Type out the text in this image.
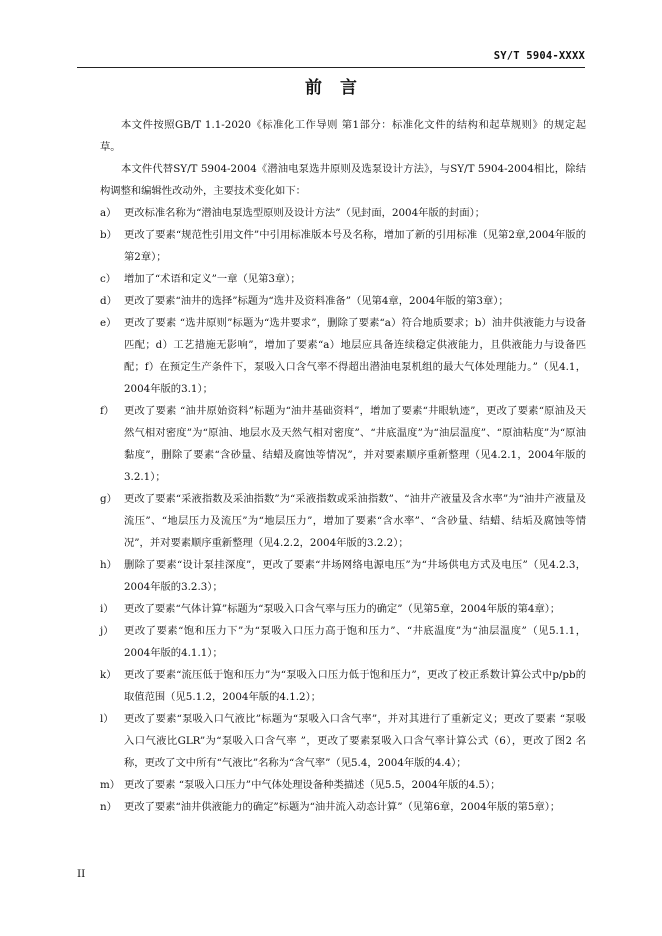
SY/T 5904-XXXX
前言

本文件按照GB/T 1.1-2020《标准化工作导则 第1部分：标准化文件的结构和起草规则》的规定起草。

本文件代替SY/T 5904-2004《潜油电泵选井原则及选泵设计方法》，与SY/T 5904-2004相比，除结构调整和编辑性改动外，主要技术变化如下：

a） 更改标准名称为“潜油电泵选型原则及设计方法”（见封面，2004年版的封面）；
b） 更改了要素“规范性引用文件”中引用标准版本号及名称，增加了新的引用标准（见第2章,2004年版的第2章）；
c） 增加了“术语和定义”一章（见第3章）；
d） 更改了要素“油井的选择”标题为“选井及资料准备”（见第4章，2004年版的第3章）；
e） 更改了要素 “选井原则”标题为“选井要求”，删除了要素“a）符合地质要求；b）油井供液能力与设备匹配；d）工艺措施无影响”，增加了要素“a）地层应具备连续稳定供液能力，且供液能力与设备匹配；f）在预定生产条件下，泵吸入口含气率不得超出潜油电泵机组的最大气体处理能力。”（见4.1，2004年版的3.1）；
f） 更改了要素 “油井原始资料”标题为“油井基础资料”，增加了要素“井眼轨迹”，更改了要素“原油及天然气相对密度”为“原油、地层水及天然气相对密度”、“井底温度”为“油层温度”、“原油粘度”为“原油黏度”，删除了要素“含砂量、结蜡及腐蚀等情况”，并对要素顺序重新整理（见4.2.1，2004年版的3.2.1）；
g） 更改了要素“采液指数及采油指数”为“采液指数或采油指数”、“油井产液量及含水率”为“油井产液量及流压”、“地层压力及流压”为“地层压力”，增加了要素“含水率”、“含砂量、结蜡、结垢及腐蚀等情况”，并对要素顺序重新整理（见4.2.2，2004年版的3.2.2）；
h） 删除了要素“设计泵挂深度”，更改了要素“井场网络电源电压”为“井场供电方式及电压”（见4.2.3，2004年版的3.2.3）；
i）	更改了要素“气体计算”标题为“泵吸入口含气率与压力的确定”（见第5章，2004年版的第4章）；
j）	更改了要素“饱和压力下”为“泵吸入口压力高于饱和压力”、“井底温度”为“油层温度”（见5.1.1，2004年版的4.1.1）；
k） 更改了要素“流压低于饱和压力”为“泵吸入口压力低于饱和压力”，更改了校正系数计算公式中p/pb的取值范围（见5.1.2，2004年版的4.1.2）；
l）	更改了要素“泵吸入口气液比”标题为“泵吸入口含气率”，并对其进行了重新定义；更改了要素 “泵吸入口气液比GLR”为“泵吸入口含气率 ”，更改了要素泵吸入口含气率计算公式（6），更改了图2 名称，更改了文中所有“气液比”名称为“含气率”（见5.4，2004年版的4.4）；
m） 更改了要素 “泵吸入口压力”中气体处理设备种类描述（见5.5，2004年版的4.5）；
n） 更改了要素“油井供液能力的确定”标题为“油井流入动态计算”（见第6章，2004年版的第5章）；
II
